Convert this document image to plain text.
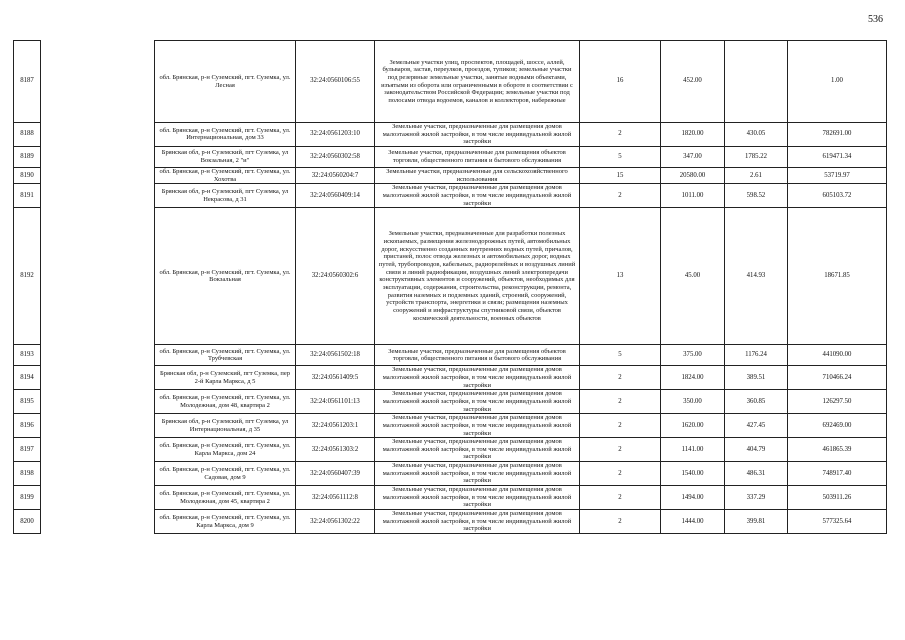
536
8187		обл. Брянская, р-н Суземский, пгт. Суземка, ул. Лесная	32:24:0560106:55	Земельные участки улиц, проспектов, площадей, шоссе, аллей, бульваров, застав, переулков, проездов, тупиков; земельные участки под резервные земельные участки, занятые водными объектами, изъятыми из оборота или ограниченными в обороте в соответствии с законодательством Российской Федерации; земельные участки под полосами отвода водоемов, каналов и коллекторов, набережные	16	452.00		1.00
8188		обл. Брянская, р-н Суземский, пгт. Суземка, ул. Интернациональная, дом 33	32:24:0561203:10	Земельные участки, предназначенные для размещения домов малоэтажной жилой застройки, в том числе индивидуальной жилой застройки	2	1820.00	430.05	782691.00
8189		Брянская обл, р-н Суземский, пгт Суземка, ул Вокзальная, 2 "и"	32:24:0560302:58	Земельные участки, предназначенные для размещения объектов торговли, общественного питания и бытового обслуживания	5	347.00	1785.22	619471.34
8190		обл. Брянская, р-н Суземский, пгт. Суземка, ул. Хохотва	32:24:0560204:7	Земельные участки, предназначенные для сельскохозяйственного использования	15	20580.00	2.61	53719.97
8191		Брянская обл, р-н Суземский, пгт Суземка, ул Некрасова, д 31	32:24:0560409:14	Земельные участки, предназначенные для размещения домов малоэтажной жилой застройки, в том числе индивидуальной жилой застройки	2	1011.00	598.52	605103.72
8192		обл. Брянская, р-н Суземский, пгт. Суземка, ул. Вокзальная	32:24:0560302:6	Земельные участки, предназначенные для разработки полезных ископаемых, размещения железнодорожных путей, автомобильных дорог, искусственно созданных внутренних водных путей, причалов, пристаней, полос отвода железных и автомобильных дорог, водных путей, трубопроводов, кабельных, радиорелейных и воздушных линий связи и линий радиофикации, воздушных линий электропередачи конструктивных элементов и сооружений, объектов, необходимых для эксплуатации, содержания, строительства, реконструкции, ремонта, развития наземных и подземных зданий, строений, сооружений, устройств транспорта, энергетики и связи; размещения наземных сооружений и инфраструктуры спутниковой связи, объектов космической деятельности, военных объектов	13	45.00	414.93	18671.85
8193		обл. Брянская, р-н Суземский, пгт. Суземка, ул. Трубчевская	32:24:0561502:18	Земельные участки, предназначенные для размещения объектов торговли, общественного питания и бытового обслуживания	5	375.00	1176.24	441090.00
8194		Брянская обл, р-н Суземский, пгт Суземка, пер 2-й Карла Маркса, д 5	32:24:0561409:5	Земельные участки, предназначенные для размещения домов малоэтажной жилой застройки, в том числе индивидуальной жилой застройки	2	1824.00	389.51	710466.24
8195		обл. Брянская, р-н Суземский, пгт. Суземка, ул. Молодежная, дом 48, квартира 2	32:24:0561101:13	Земельные участки, предназначенные для размещения домов малоэтажной жилой застройки, в том числе индивидуальной жилой застройки	2	350.00	360.85	126297.50
8196		Брянская обл, р-н Суземский, пгт Суземка, ул Интернациональная, д 35	32:24:0561203:1	Земельные участки, предназначенные для размещения домов малоэтажной жилой застройки, в том числе индивидуальной жилой застройки	2	1620.00	427.45	692469.00
8197		обл. Брянская, р-н Суземский, пгт. Суземка, ул. Карла Маркса, дом 24	32:24:0561303:2	Земельные участки, предназначенные для размещения домов малоэтажной жилой застройки, в том числе индивидуальной жилой застройки	2	1141.00	404.79	461865.39
8198		обл. Брянская, р-н Суземский, пгт. Суземка, ул. Садовая, дом 9	32:24:0560407:39	Земельные участки, предназначенные для размещения домов малоэтажной жилой застройки, в том числе индивидуальной жилой застройки	2	1540.00	486.31	748917.40
8199		обл. Брянская, р-н Суземский, пгт. Суземка, ул. Молодежная, дом 45, квартира 2	32:24:0561112:8	Земельные участки, предназначенные для размещения домов малоэтажной жилой застройки, в том числе индивидуальной жилой застройки	2	1494.00	337.29	503911.26
8200		обл. Брянская, р-н Суземский, пгт. Суземка, ул. Карла Маркса, дом 9	32:24:0561302:22	Земельные участки, предназначенные для размещения домов малоэтажной жилой застройки, в том числе индивидуальной жилой застройки	2	1444.00	399.81	577325.64
